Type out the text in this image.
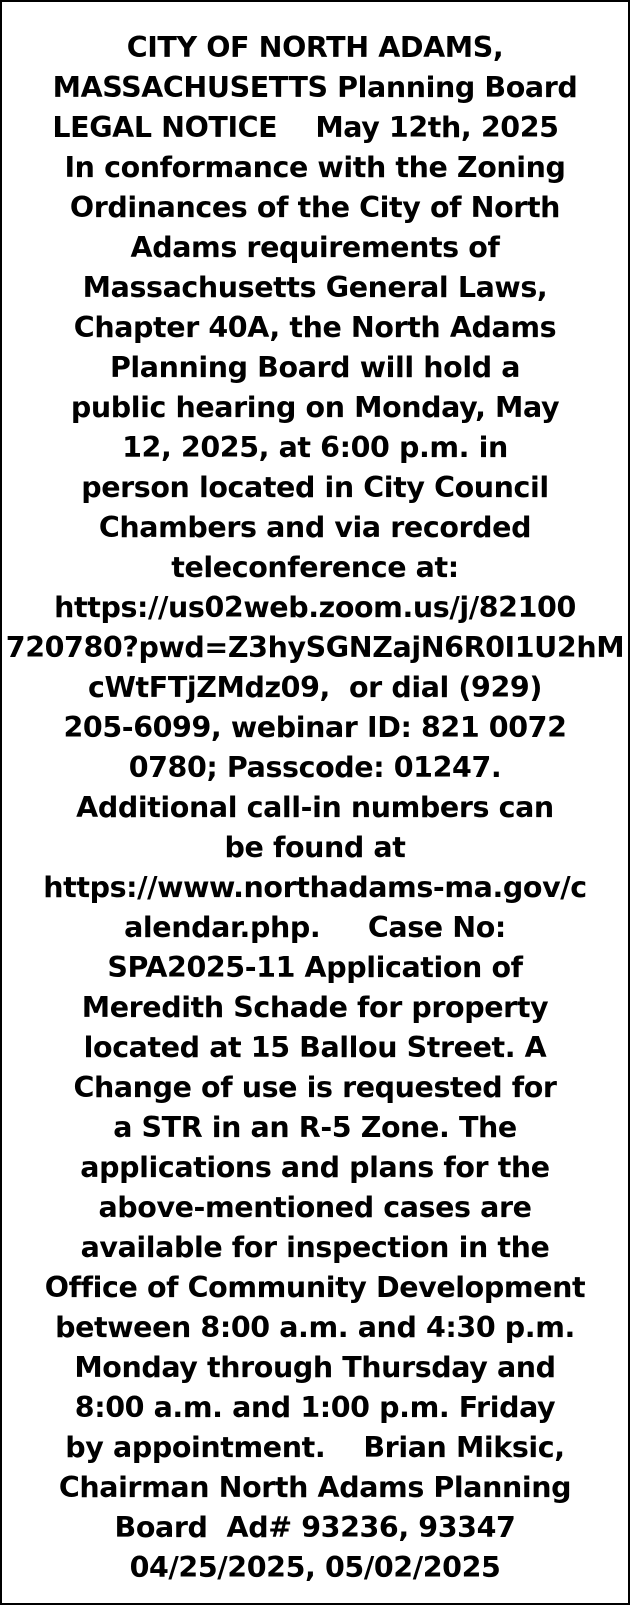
CITY OF NORTH ADAMS,
MASSACHUSETTS Planning Board
LEGAL NOTICE    May 12th, 2025
In conformance with the Zoning
Ordinances of the City of North
Adams requirements of
Massachusetts General Laws,
Chapter 40A, the North Adams
Planning Board will hold a
public hearing on Monday, May
12, 2025, at 6:00 p.m. in
person located in City Council
Chambers and via recorded
teleconference at:
https://us02web.zoom.us/j/82100
720780?pwd=Z3hySGNZajN6R0I1U2hM
cWtFTjZMdz09,  or dial (929)
205-6099, webinar ID: 821 0072
0780; Passcode: 01247.
Additional call-in numbers can
be found at
https://www.northadams-ma.gov/c
alendar.php.     Case No:
SPA2025-11 Application of
Meredith Schade for property
located at 15 Ballou Street. A
Change of use is requested for
a STR in an R-5 Zone. The
applications and plans for the
above-mentioned cases are
available for inspection in the
Office of Community Development
between 8:00 a.m. and 4:30 p.m.
Monday through Thursday and
8:00 a.m. and 1:00 p.m. Friday
by appointment.    Brian Miksic,
Chairman North Adams Planning
Board  Ad# 93236, 93347
04/25/2025, 05/02/2025
